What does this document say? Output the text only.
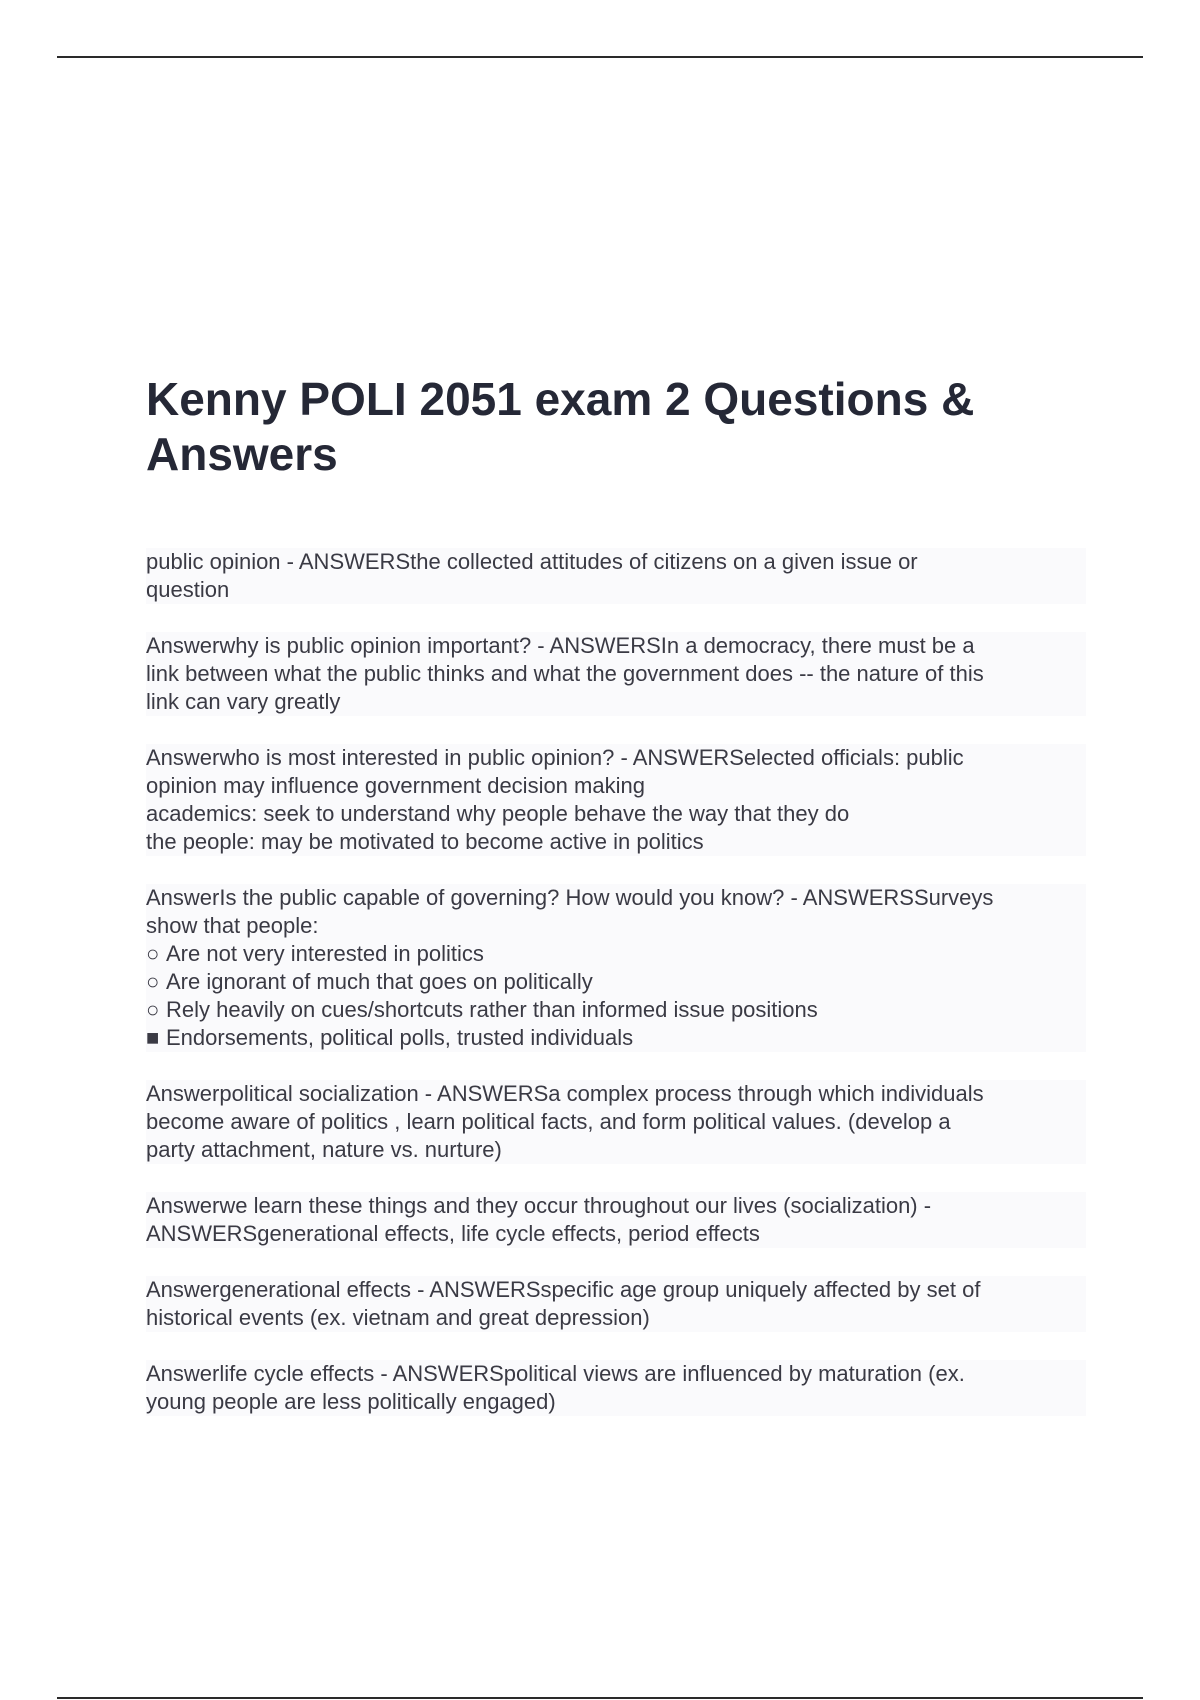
Kenny POLI 2051 exam 2 Questions & Answers
public opinion - ANSWERSthe collected attitudes of citizens on a given issue or
question
Answerwhy is public opinion important? - ANSWERSIn a democracy, there must be a
link between what the public thinks and what the government does -- the nature of this
link can vary greatly
Answerwho is most interested in public opinion? - ANSWERSelected officials: public
opinion may influence government decision making
academics: seek to understand why people behave the way that they do
the people: may be motivated to become active in politics
AnswerIs the public capable of governing? How would you know? - ANSWERSSurveys
show that people:
○ Are not very interested in politics
○ Are ignorant of much that goes on politically
○ Rely heavily on cues/shortcuts rather than informed issue positions
■ Endorsements, political polls, trusted individuals
Answerpolitical socialization - ANSWERSa complex process through which individuals
become aware of politics , learn political facts, and form political values. (develop a
party attachment, nature vs. nurture)
Answerwe learn these things and they occur throughout our lives (socialization) -
ANSWERSgenerational effects, life cycle effects, period effects
Answergenerational effects - ANSWERSspecific age group uniquely affected by set of
historical events (ex. vietnam and great depression)
Answerlife cycle effects - ANSWERSpolitical views are influenced by maturation (ex.
young people are less politically engaged)
